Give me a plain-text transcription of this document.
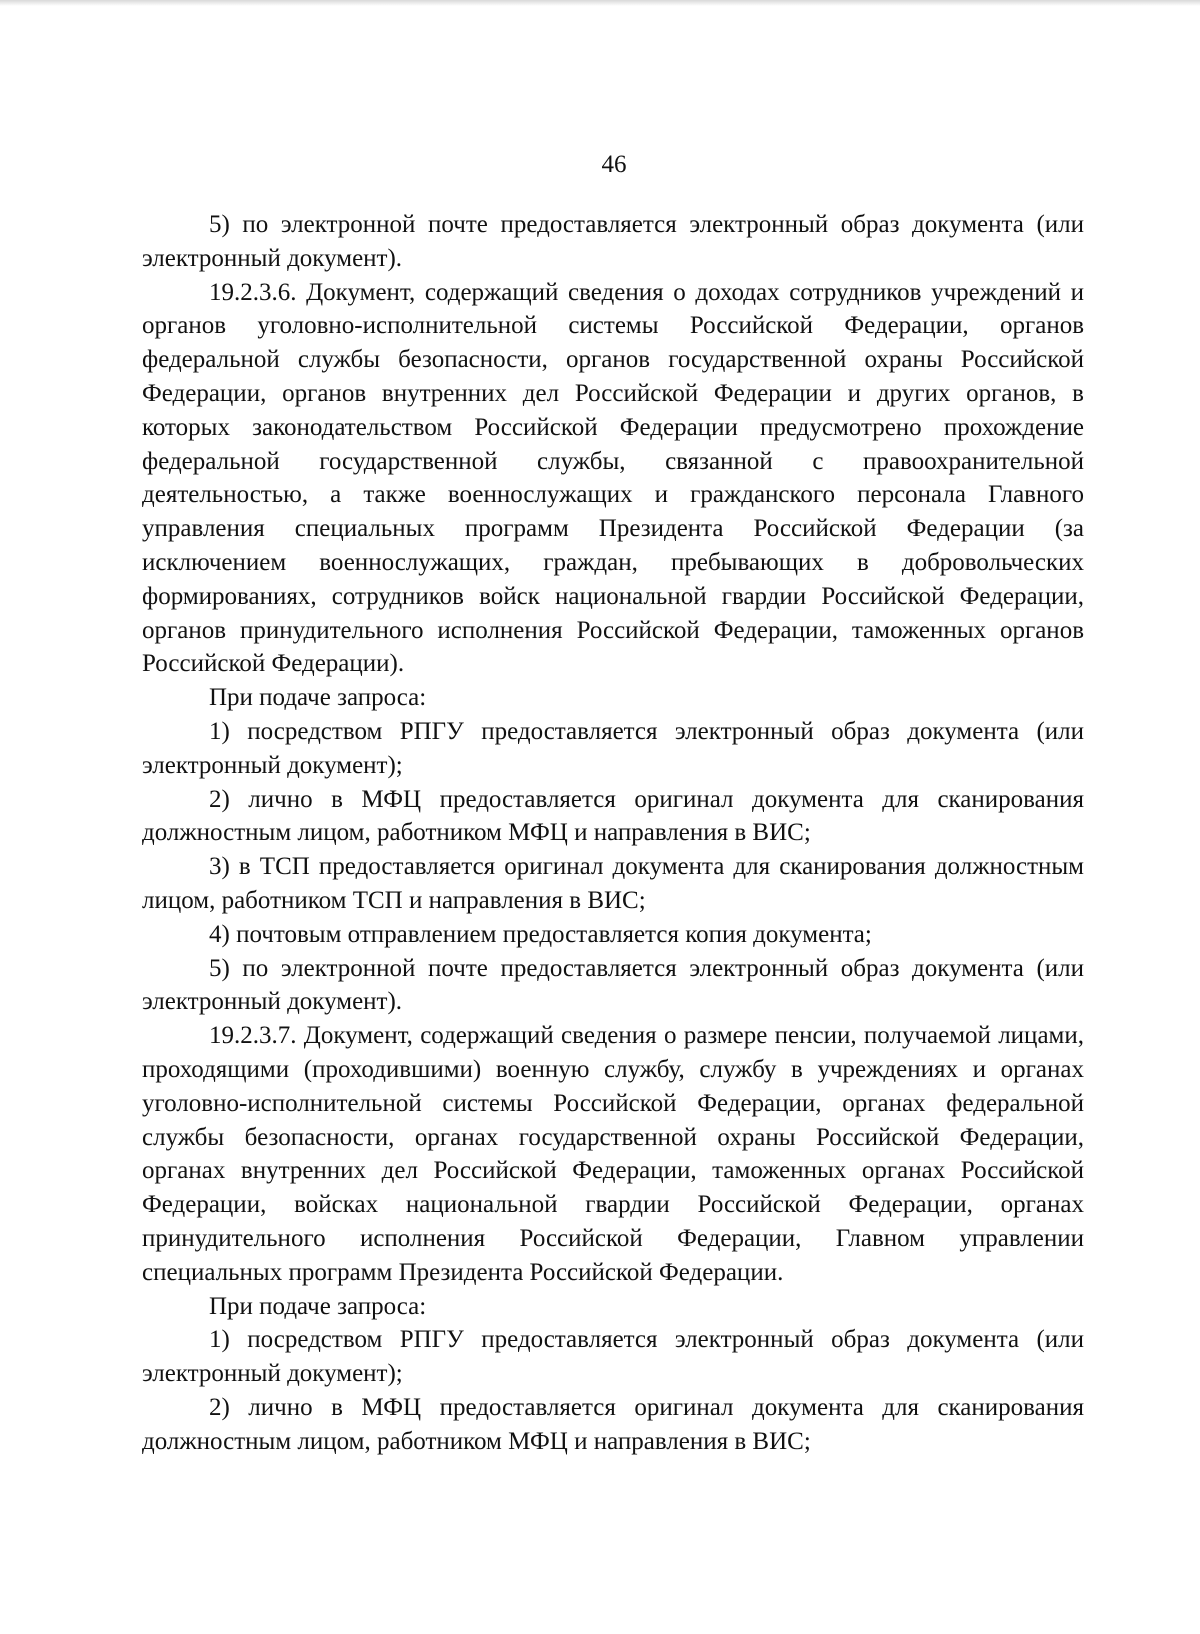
46

5) по электронной почте предоставляется электронный образ документа (или электронный документ).

19.2.3.6. Документ, содержащий сведения о доходах сотрудников учреждений и органов уголовно-исполнительной системы Российской Федерации, органов федеральной службы безопасности, органов государственной охраны Российской Федерации, органов внутренних дел Российской Федерации и других органов, в которых законодательством Российской Федерации предусмотрено прохождение федеральной государственной службы, связанной с правоохранительной деятельностью, а также военнослужащих и гражданского персонала Главного управления специальных программ Президента Российской Федерации (за исключением военнослужащих, граждан, пребывающих в добровольческих формированиях, сотрудников войск национальной гвардии Российской Федерации, органов принудительного исполнения Российской Федерации, таможенных органов Российской Федерации).

При подаче запроса:

1) посредством РПГУ предоставляется электронный образ документа (или электронный документ);

2) лично в МФЦ предоставляется оригинал документа для сканирования должностным лицом, работником МФЦ и направления в ВИС;

3) в ТСП предоставляется оригинал документа для сканирования должностным лицом, работником ТСП и направления в ВИС;

4) почтовым отправлением предоставляется копия документа;

5) по электронной почте предоставляется электронный образ документа (или электронный документ).

19.2.3.7. Документ, содержащий сведения о размере пенсии, получаемой лицами, проходящими (проходившими) военную службу, службу в учреждениях и органах уголовно-исполнительной системы Российской Федерации, органах федеральной службы безопасности, органах государственной охраны Российской Федерации, органах внутренних дел Российской Федерации, таможенных органах Российской Федерации, войсках национальной гвардии Российской Федерации, органах принудительного исполнения Российской Федерации, Главном управлении специальных программ Президента Российской Федерации.

При подаче запроса:

1) посредством РПГУ предоставляется электронный образ документа (или электронный документ);

2) лично в МФЦ предоставляется оригинал документа для сканирования должностным лицом, работником МФЦ и направления в ВИС;
